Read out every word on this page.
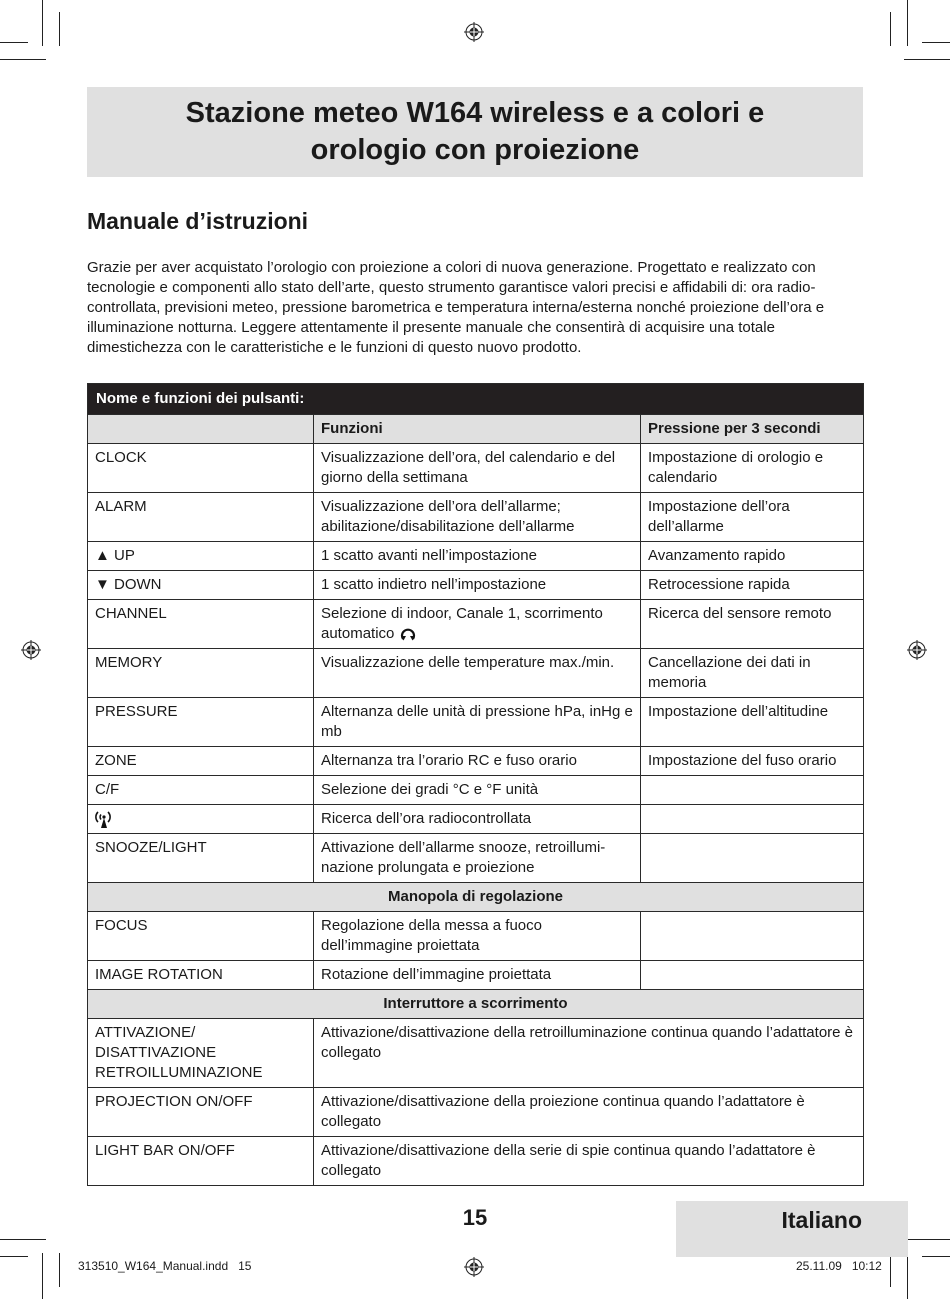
Stazione meteo W164 wireless e a colori e
orologio con proiezione
Manuale d’istruzioni

Grazie per aver acquistato l’orologio con proiezione a colori di nuova generazione. Progettato e realizzato con tecnologie e componenti allo stato dell’arte, questo strumento garantisce valori precisi e affidabili di: ora radio-controllata, previsioni meteo, pressione barometrica e temperatura interna/esterna nonché proiezione dell’ora e illuminazione notturna. Leggere attentamente il presente manuale che consentirà di acquisire una totale dimestichezza con le caratteristiche e le funzioni di questo nuovo prodotto.

Nome e funzioni dei pulsanti:		
	Funzioni	Pressione per 3 secondi
CLOCK	Visualizzazione dell’ora, del calendario e del giorno della settimana	Impostazione di orologio e calendario
ALARM	Visualizzazione dell’ora dell’allarme; abilitazione/disabilitazione dell’allarme	Impostazione dell’ora dell’allarme
▲ UP	1 scatto avanti nell’impostazione	Avanzamento rapido
▼ DOWN	1 scatto indietro nell’impostazione	Retrocessione rapida
CHANNEL	Selezione di indoor, Canale 1, scorrimento automatico	Ricerca del sensore remoto
MEMORY	Visualizzazione delle temperature max./min.	Cancellazione dei dati in memoria
PRESSURE	Alternanza delle unità di pressione hPa, inHg e mb	Impostazione dell’altitudine
ZONE	Alternanza tra l’orario RC e fuso orario	Impostazione del fuso orario
C/F	Selezione dei gradi °C e °F unità	
	Ricerca dell’ora radiocontrollata	
SNOOZE/LIGHT	Attivazione dell’allarme snooze, retroillumi-nazione prolungata e proiezione	
Manopola di regolazione		
FOCUS	Regolazione della messa a fuoco dell’immagine proiettata	
IMAGE ROTATION	Rotazione dell’immagine proiettata	
Interruttore a scorrimento		
ATTIVAZIONE/ DISATTIVAZIONE RETROILLUMINAZIONE	Attivazione/disattivazione della retroilluminazione continua quando l’adattatore è collegato	
PROJECTION ON/OFF	Attivazione/disattivazione della proiezione continua quando l’adattatore è collegato	
LIGHT BAR ON/OFF	Attivazione/disattivazione della serie di spie continua quando l’adattatore è collegato	
15	Italiano
313510_W164_Manual.indd   15	25.11.09   10:12
